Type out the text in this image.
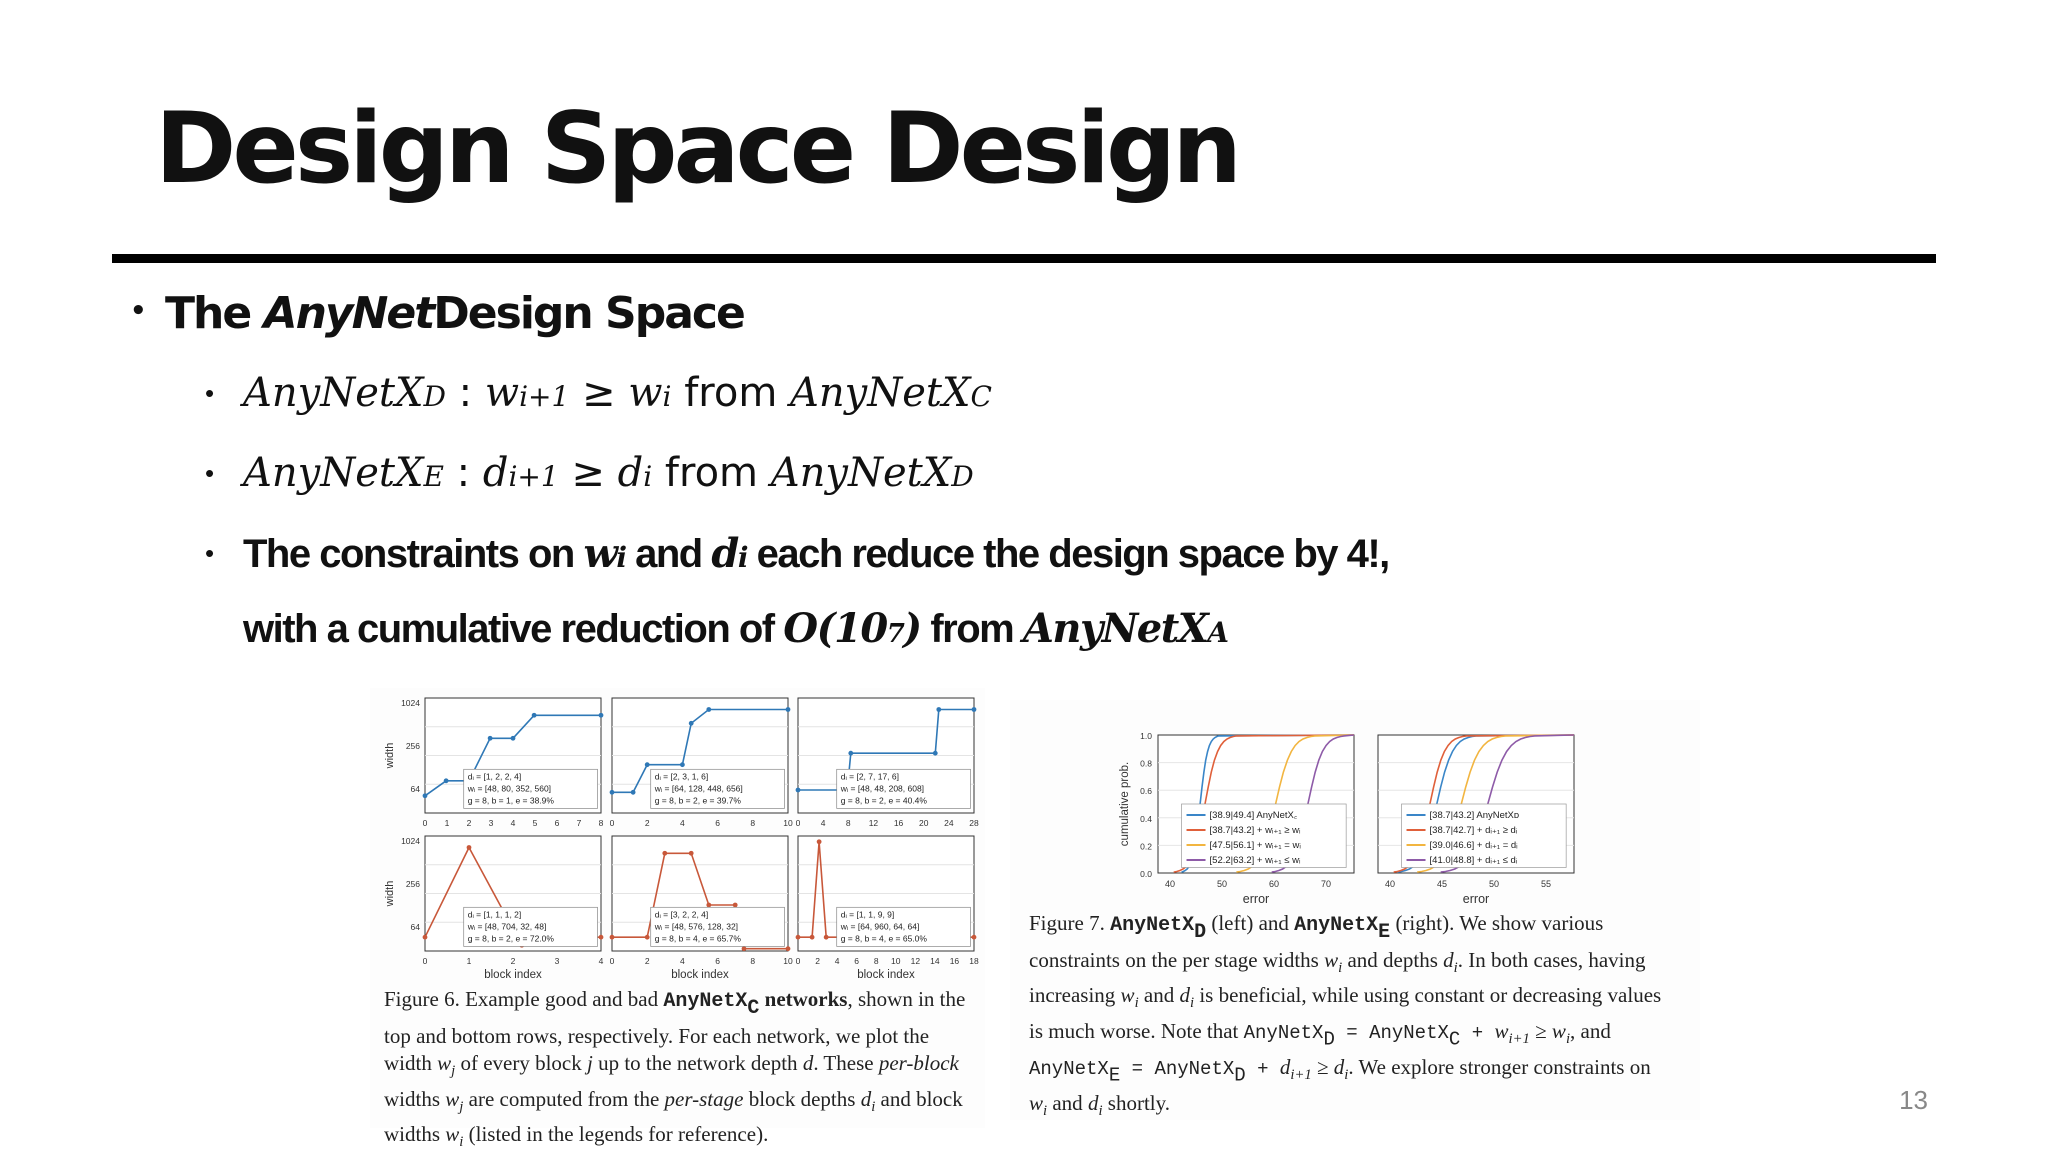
Design Space Design
• The
AnyNet Design Space
• AnyNetX D : w i+1 ≥ w i from AnyNetX C
• AnyNetX E : d i+1 ≥ d i from AnyNetX D
• The constraints on w i and d i each reduce the design space by 4!,
with a cumulative reduction of O(10 7 ) from AnyNetX A
dᵢ = [1, 2, 2, 4]
wᵢ = [48, 80, 352, 560]
g = 8, b = 1, e = 38.9%
0 1 2 3 4 5 6 7 8
1024
256
64
width
dᵢ = [2, 3, 1, 6]
wᵢ = [64, 128, 448, 656]
g = 8, b = 2, e = 39.7%
0	2	4	6	8	10
dᵢ = [2, 7, 17, 6]
wᵢ = [48, 48, 208, 608]
g = 8, b = 2, e = 40.4%
0 4 8 12 16 20 24 28
dᵢ = [1, 1, 1, 2]
wᵢ = [48, 704, 32, 48]
g = 8, b = 2, e = 72.0%
0	1	2	3	4
1024
256
64
width
block index
dᵢ = [3, 2, 2, 4]
wᵢ = [48, 576, 128, 32]
g = 8, b = 4, e = 65.7%
0	2	4	6	8	10
block index
dᵢ = [1, 1, 9, 9]
wᵢ = [64, 960, 64, 64]
g = 8, b = 4, e = 65.0%
0 2 4 6 8 10 12 14 16 18
block index
Figure 6. Example good and bad AnyNetXC networks, shown in the top and bottom rows, respectively. For each network, we plot the width $w_j$ of every block j up to the network depth d. These per-block widths $w_j$ are computed from the per-stage block depths $d_i$ and block widths $w_i$ (listed in the legends for reference).
[38.9|49.4] AnyNetX꜀
[38.7|43.2] + wᵢ₊₁ ≥ wᵢ
[47.5|56.1] + wᵢ₊₁ = wᵢ
[52.2|63.2] + wᵢ₊₁ ≤ wᵢ
40	50	60	70
error
1.0
0.8
0.6
0.4
0.2
0.0
cumulative prob.	[38.7|43.2] AnyNetXᴅ
[38.7|42.7] + dᵢ₊₁ ≥ dᵢ
[39.0|46.6] + dᵢ₊₁ = dᵢ
[41.0|48.8] + dᵢ₊₁ ≤ dᵢ
40	45	50	55
error
Figure 7. AnyNetXD (left) and AnyNetXE (right). We show various constraints on the per stage widths $w_i$ and depths $d_i$. In both cases, having increasing $w_i$ and $d_i$ is beneficial, while using constant or decreasing values is much worse. Note that AnyNetXD = AnyNetXC + $w_{i+1} \ge w_i$, and AnyNetXE = AnyNetXD + $d_{i+1} \ge d_i$. We explore stronger constraints on $w_i$ and $d_i$ shortly.	13
